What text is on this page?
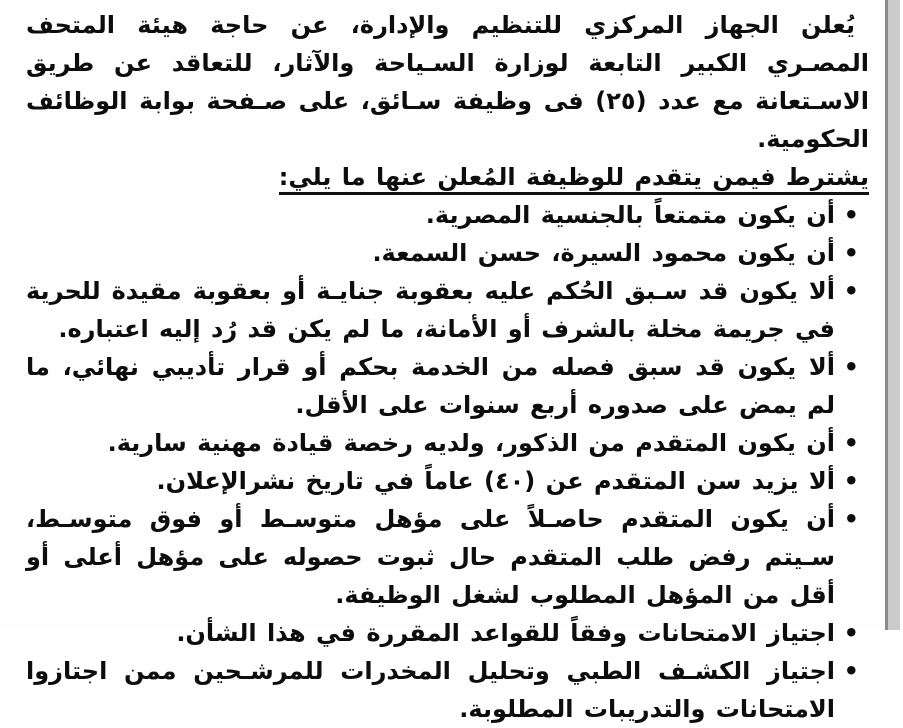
يُعلن الجهاز المركزي للتنظيم والإدارة، عن حاجة هيئة المتحف المصـري الكبير التابعة لوزارة السـياحة والآثار، للتعاقد عن طريق الاسـتعانة مع عدد (٢٥) فى وظيفة سـائق، على صـفحة بوابة الوظائف الحكومية.

يشترط فيمن يتقدم للوظيفة المُعلن عنها ما يلي:
• أن يكون متمتعاً بالجنسية المصرية.
• أن يكون محمود السيرة، حسن السمعة.
• ألا يكون قد سـبق الحُكم عليه بعقوبة جنايـة أو بعقوبة مقيدة للحرية في جريمة مخلة بالشرف أو الأمانة، ما لم يكن قد رُد إليه اعتباره.
• ألا يكون قد سبق فصله من الخدمة بحكم أو قرار تأديبي نهائي، ما لم يمض على صدوره أربع سنوات على الأقل.
• أن يكون المتقدم من الذكور، ولديه رخصة قيادة مهنية سارية.
• ألا يزيد سن المتقدم عن (٤٠) عاماً في تاريخ نشرالإعلان.
• أن يكون المتقدم حاصـلاً على مؤهل متوسـط أو فوق متوسـط، سـيتم رفض طلب المتقدم حال ثبوت حصوله على مؤهل أعلى أو أقل من المؤهل المطلوب لشغل الوظيفة.
• اجتياز الامتحانات وفقاً للقواعد المقررة في هذا الشأن.
• اجتياز الكشـف الطبي وتحليل المخدرات للمرشـحين ممن اجتازوا الامتحانات والتدريبات المطلوبة.
